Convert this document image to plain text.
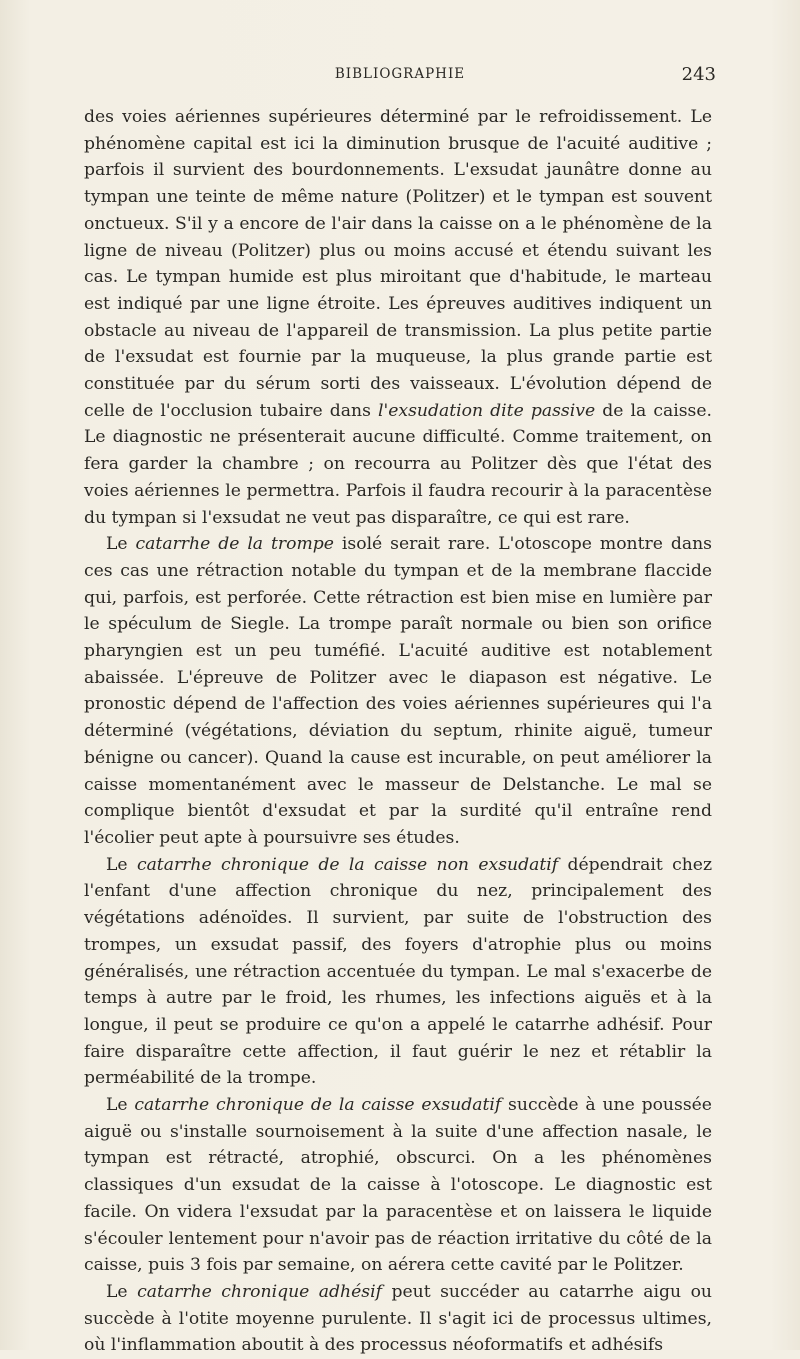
BIBLIOGRAPHIE	243

des voies aériennes supérieures déterminé par le refroidissement. Le phénomène capital est ici la diminution brusque de l'acuité auditive ; parfois il survient des bourdonnements. L'exsudat jaunâtre donne au tympan une teinte de même nature (Politzer) et le tympan est souvent onctueux. S'il y a encore de l'air dans la caisse on a le phénomène de la ligne de niveau (Politzer) plus ou moins accusé et étendu suivant les cas. Le tympan humide est plus miroitant que d'habitude, le marteau est indiqué par une ligne étroite. Les épreuves auditives indiquent un obstacle au niveau de l'appareil de transmission. La plus petite partie de l'exsudat est fournie par la muqueuse, la plus grande partie est constituée par du sérum sorti des vaisseaux. L'évolution dépend de celle de l'occlusion tubaire dans l'exsudation dite passive de la caisse. Le diagnostic ne présenterait aucune difficulté. Comme traitement, on fera garder la chambre ; on recourra au Politzer dès que l'état des voies aériennes le permettra. Parfois il faudra recourir à la paracentèse du tympan si l'exsudat ne veut pas disparaître, ce qui est rare.

Le catarrhe de la trompe isolé serait rare. L'otoscope montre dans ces cas une rétraction notable du tympan et de la membrane flaccide qui, parfois, est perforée. Cette rétraction est bien mise en lumière par le spéculum de Siegle. La trompe paraît normale ou bien son orifice pharyngien est un peu tuméfié. L'acuité auditive est notablement abaissée. L'épreuve de Politzer avec le diapason est négative. Le pronostic dépend de l'affection des voies aériennes supérieures qui l'a déterminé (végétations, déviation du septum, rhinite aiguë, tumeur bénigne ou cancer). Quand la cause est incurable, on peut améliorer la caisse momentanément avec le masseur de Delstanche. Le mal se complique bientôt d'exsudat et par la surdité qu'il entraîne rend l'écolier peut apte à poursuivre ses études.

Le catarrhe chronique de la caisse non exsudatif dépendrait chez l'enfant d'une affection chronique du nez, principalement des végétations adénoïdes. Il survient, par suite de l'obstruction des trompes, un exsudat passif, des foyers d'atrophie plus ou moins généralisés, une rétraction accentuée du tympan. Le mal s'exacerbe de temps à autre par le froid, les rhumes, les infections aiguës et à la longue, il peut se produire ce qu'on a appelé le catarrhe adhésif. Pour faire disparaître cette affection, il faut guérir le nez et rétablir la perméabilité de la trompe.

Le catarrhe chronique de la caisse exsudatif succède à une poussée aiguë ou s'installe sournoisement à la suite d'une affection nasale, le tympan est rétracté, atrophié, obscurci. On a les phénomènes classiques d'un exsudat de la caisse à l'otoscope. Le diagnostic est facile. On videra l'exsudat par la paracentèse et on laissera le liquide s'écouler lentement pour n'avoir pas de réaction irritative du côté de la caisse, puis 3 fois par semaine, on aérera cette cavité par le Politzer.

Le catarrhe chronique adhésif peut succéder au catarrhe aigu ou succède à l'otite moyenne purulente. Il s'agit ici de processus ultimes, où l'inflammation aboutit à des processus néoformatifs et adhésifs
